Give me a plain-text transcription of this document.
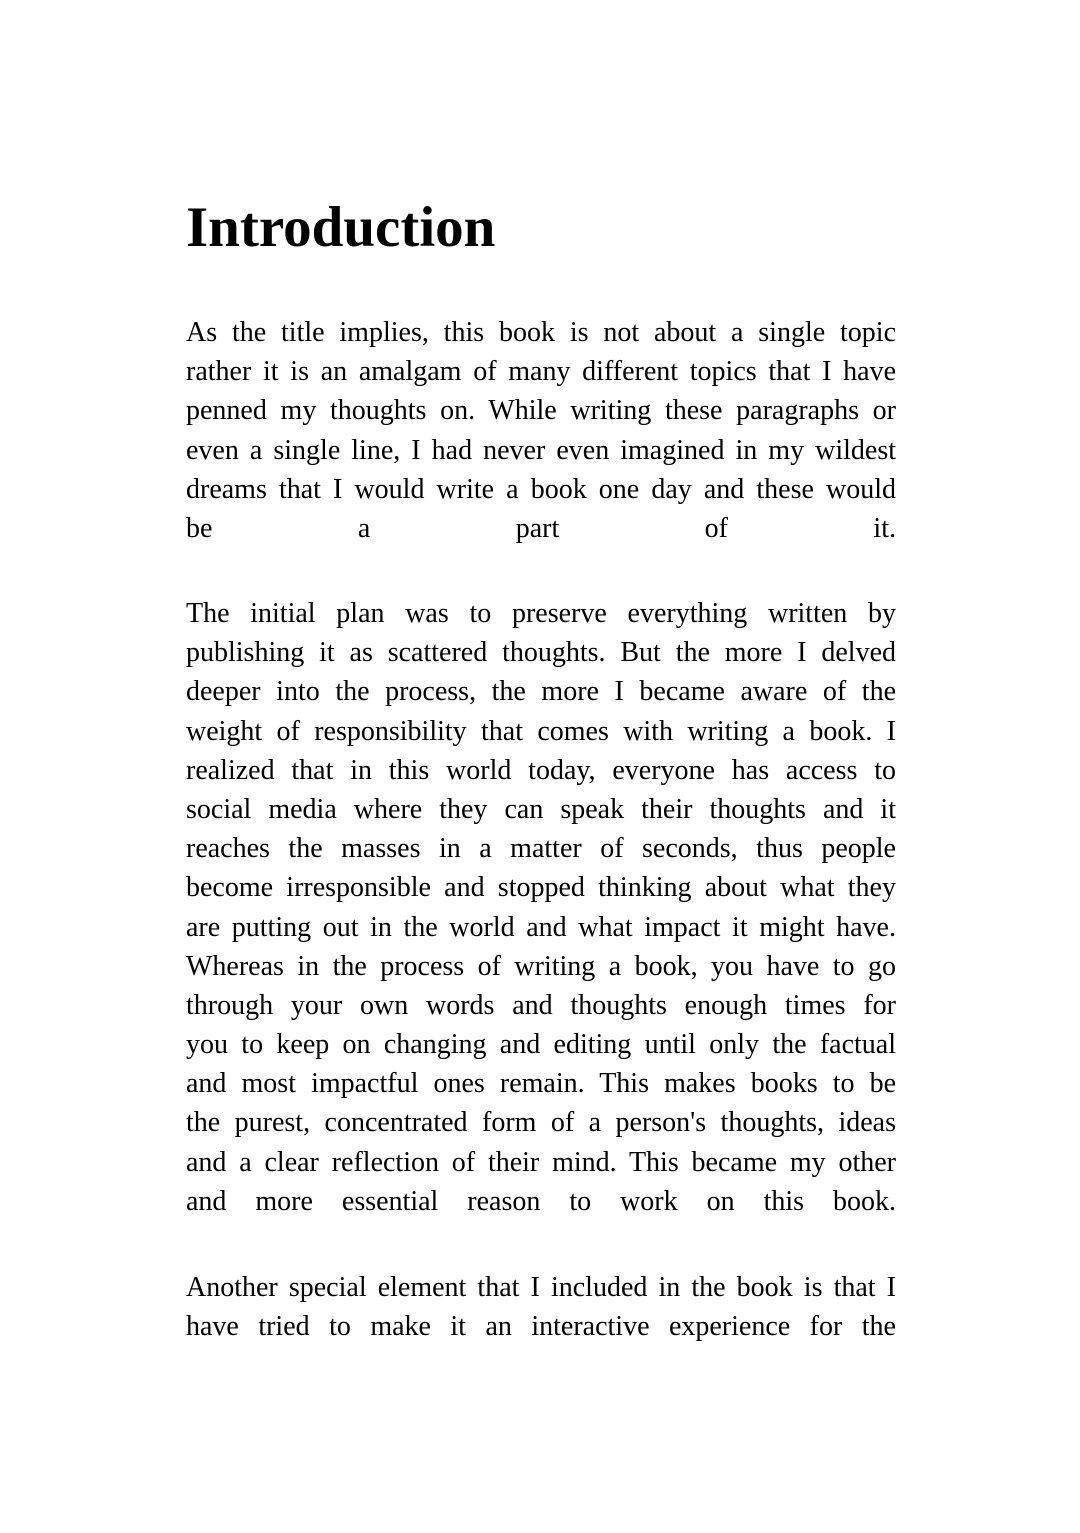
Introduction
As the title implies, this book is not about a single topic
rather it is an amalgam of many different topics that I have
penned my thoughts on. While writing these paragraphs or
even a single line, I had never even imagined in my wildest
dreams that I would write a book one day and these would
be a part of it.
The initial plan was to preserve everything written by
publishing it as scattered thoughts. But the more I delved
deeper into the process, the more I became aware of the
weight of responsibility that comes with writing a book. I
realized that in this world today, everyone has access to
social media where they can speak their thoughts and it
reaches the masses in a matter of seconds, thus people
become irresponsible and stopped thinking about what they
are putting out in the world and what impact it might have.
Whereas in the process of writing a book, you have to go
through your own words and thoughts enough times for
you to keep on changing and editing until only the factual
and most impactful ones remain. This makes books to be
the purest, concentrated form of a person's thoughts, ideas
and a clear reflection of their mind. This became my other
and more essential reason to work on this book.
Another special element that I included in the book is that I
have tried to make it an interactive experience for the
